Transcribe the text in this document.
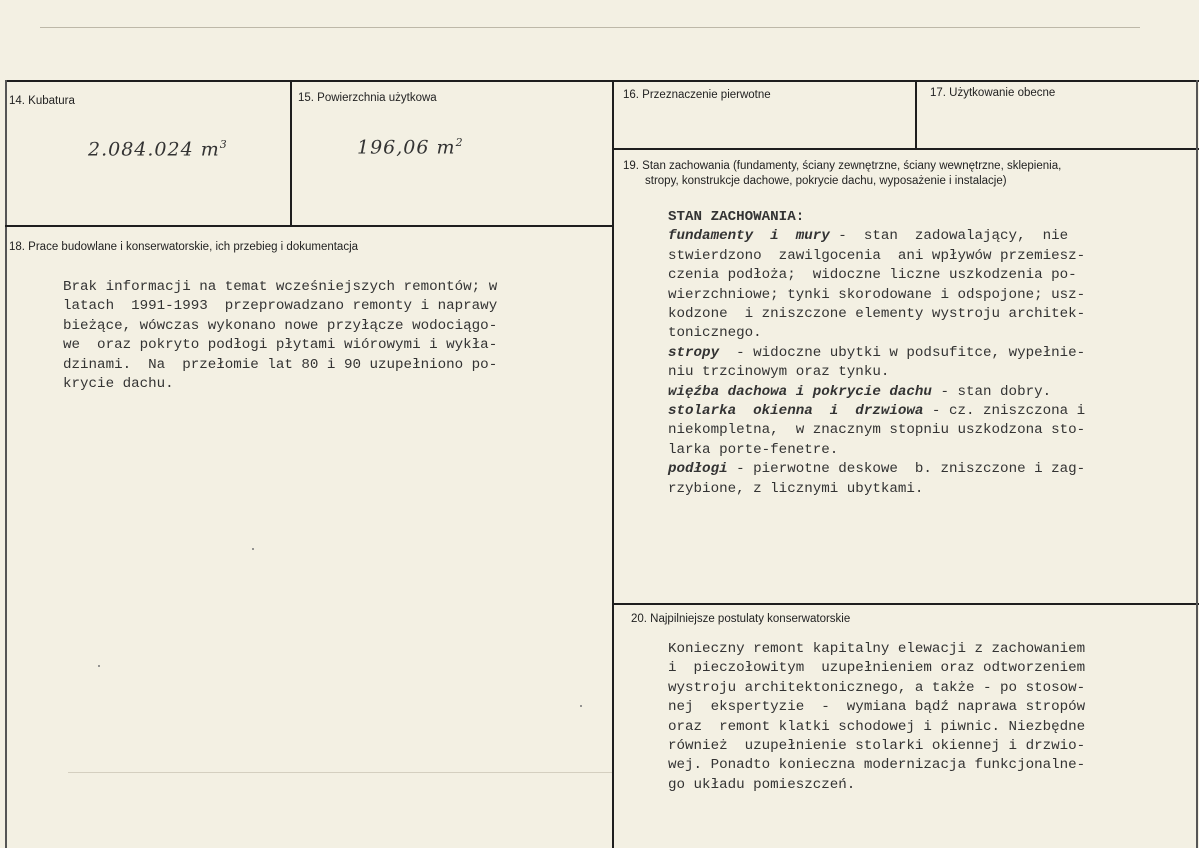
14. Kubatura
2.084.024 $m^3$
15. Powierzchnia użytkowa
196,06 $m^2$
16. Przeznaczenie pierwotne	17. Użytkowanie obecne
18. Prace budowlane i konserwatorskie, ich przebieg i dokumentacja

Brak informacji na temat wcześniejszych remontów; w

latach  1991-1993  przeprowadzano remonty i naprawy

bieżące, wówczas wykonano nowe przyłącze wodociągo-

we  oraz pokryto podłogi płytami wiórowymi i wykła-

dzinami.  Na  przełomie lat 80 i 90 uzupełniono po-

krycie dachu.

19. Stan zachowania (fundamenty, ściany zewnętrzne, ściany wewnętrzne, sklepienia,
stropy, konstrukcje dachowe, pokrycie dachu, wyposażenie i instalacje)

STAN ZACHOWANIA:

fundamenty  i  mury -  stan  zadowalający,  nie

stwierdzono  zawilgocenia  ani wpływów przemiesz-

czenia podłoża;  widoczne liczne uszkodzenia po-

wierzchniowe; tynki skorodowane i odspojone; usz-

kodzone  i zniszczone elementy wystroju architek-

tonicznego.

stropy  - widoczne ubytki w podsufitce, wypełnie-

niu trzcinowym oraz tynku.

więźba dachowa i pokrycie dachu - stan dobry.

stolarka  okienna  i  drzwiowa - cz. zniszczona i

niekompletna,  w znacznym stopniu uszkodzona sto-

larka porte-fenetre.

podłogi - pierwotne deskowe  b. zniszczone i zag-

rzybione, z licznymi ubytkami.

20. Najpilniejsze postulaty konserwatorskie

Konieczny remont kapitalny elewacji z zachowaniem

i  pieczołowitym  uzupełnieniem oraz odtworzeniem

wystroju architektonicznego, a także - po stosow-

nej  ekspertyzie  -  wymiana bądź naprawa stropów

oraz  remont klatki schodowej i piwnic. Niezbędne

również  uzupełnienie stolarki okiennej i drzwio-

wej. Ponadto konieczna modernizacja funkcjonalne-

go układu pomieszczeń.
